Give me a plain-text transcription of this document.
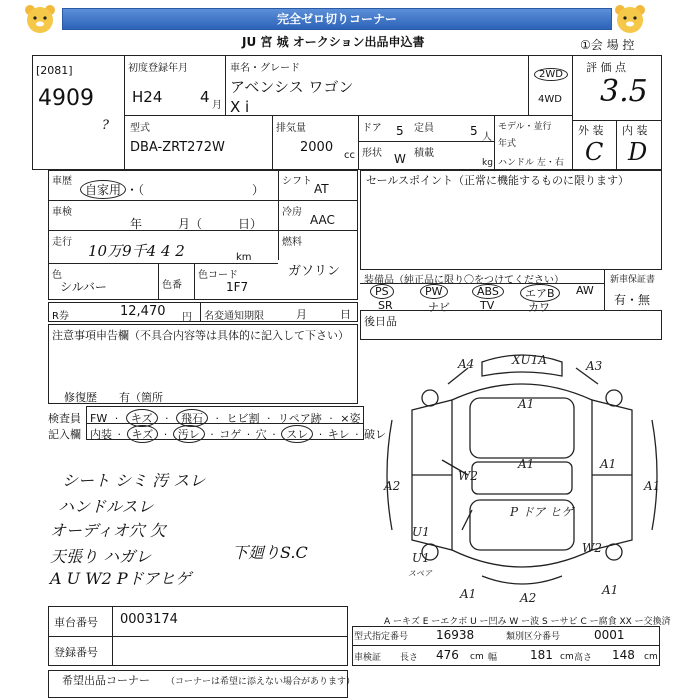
完全ゼロ切りコーナー
JU 宮 城 オークション出品申込書	①会 場 控
[2081]
4909
?
初度登録年月
H24	4 月
車名・グレード
アベンシス ワゴン
X i
2WD
4WD
評 価 点
3.5
型式
DBA-ZRT272W
排気量
2000
cc
ドア 5 定員	5 人
モデル・並行
年式
ハンドル 左・右
形状 W 積載
kg
外 装 内 装
C D
車歴
自家用 ・（　　　　　　　　　）
シフト
AT
車検
年　　　月（　　　日）
冷房
AAC
走行 10万9千4 4 2	km
燃料
ガソリン
色
シルバー	色番
色コード
1F7
R券	12,470 円 名変通知期限	月　　　日
セールスポイント（正常に機能するものに限ります）
装備品（純正品に限り〇をつけてください）	新車保証書
有・無
PS	PW	ABS	エアB	AW
SR	ナビ	TV	カワ
後日品
注意事項申告欄（不具合内容等は具体的に記入して下さい）
修復歴　　有（箇所
検査員
記入欄
FW · キズ · 飛石 · ヒビ割 · リペア跡 · ×姿
内装 · キズ · 汚レ · コゲ · 穴 · スレ · キレ · 破レ
シート シミ 汚 スレ
ハンドルスレ
オーディオ穴 欠
天張り ハガレ
A U W2 Pドアヒゲ
下廻りS.C
A4	XU1A	A3
A1
W2
A1
A2
A1
A1
U1
W2
A1	A2
A1
P ドア ヒゲ
U1
スペア
A ーキズ E ーエクボ U ー凹み W ー波 S ーサビ C ー腐食 XX ー交換済
車台番号 0003174
登録番号
型式指定番号 16938	類別区分番号	0001
車検証 長さ 476 cm 幅	181 cm 高さ 148 cm
希望出品コーナー （コーナーは希望に添えない場合があります）
